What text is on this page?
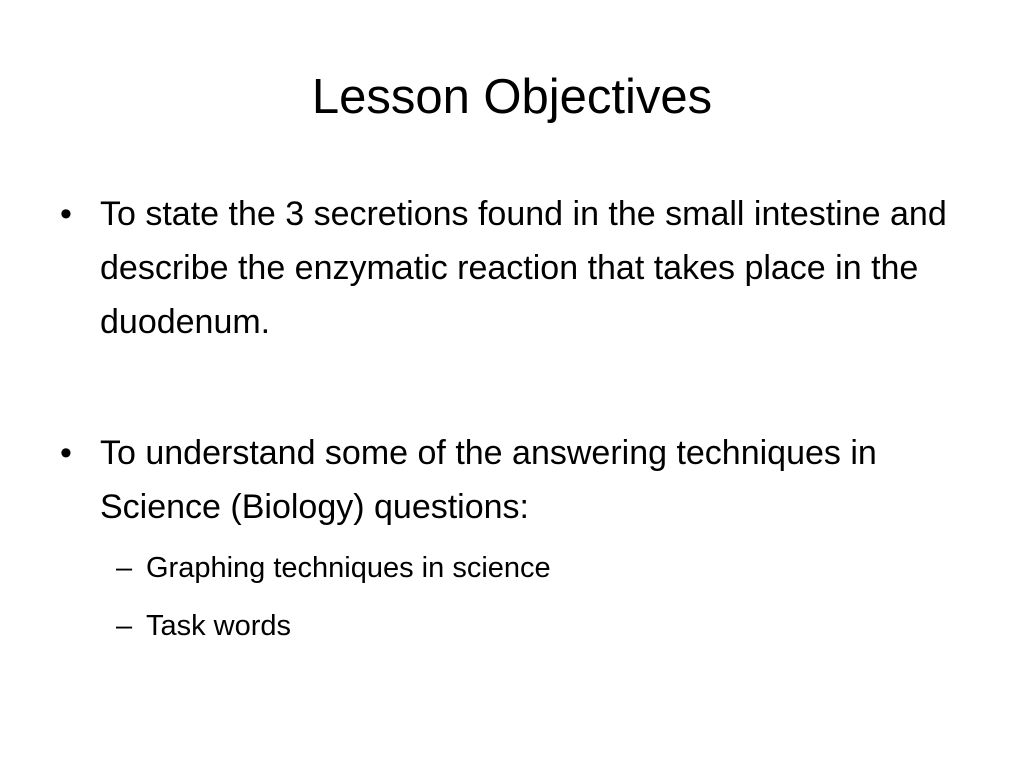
Lesson Objectives
• To state the 3 secretions found in the small intestine and describe the enzymatic reaction that takes place in the duodenum.
• To understand some of the answering techniques in Science (Biology) questions:
– Graphing techniques in science
– Task words
